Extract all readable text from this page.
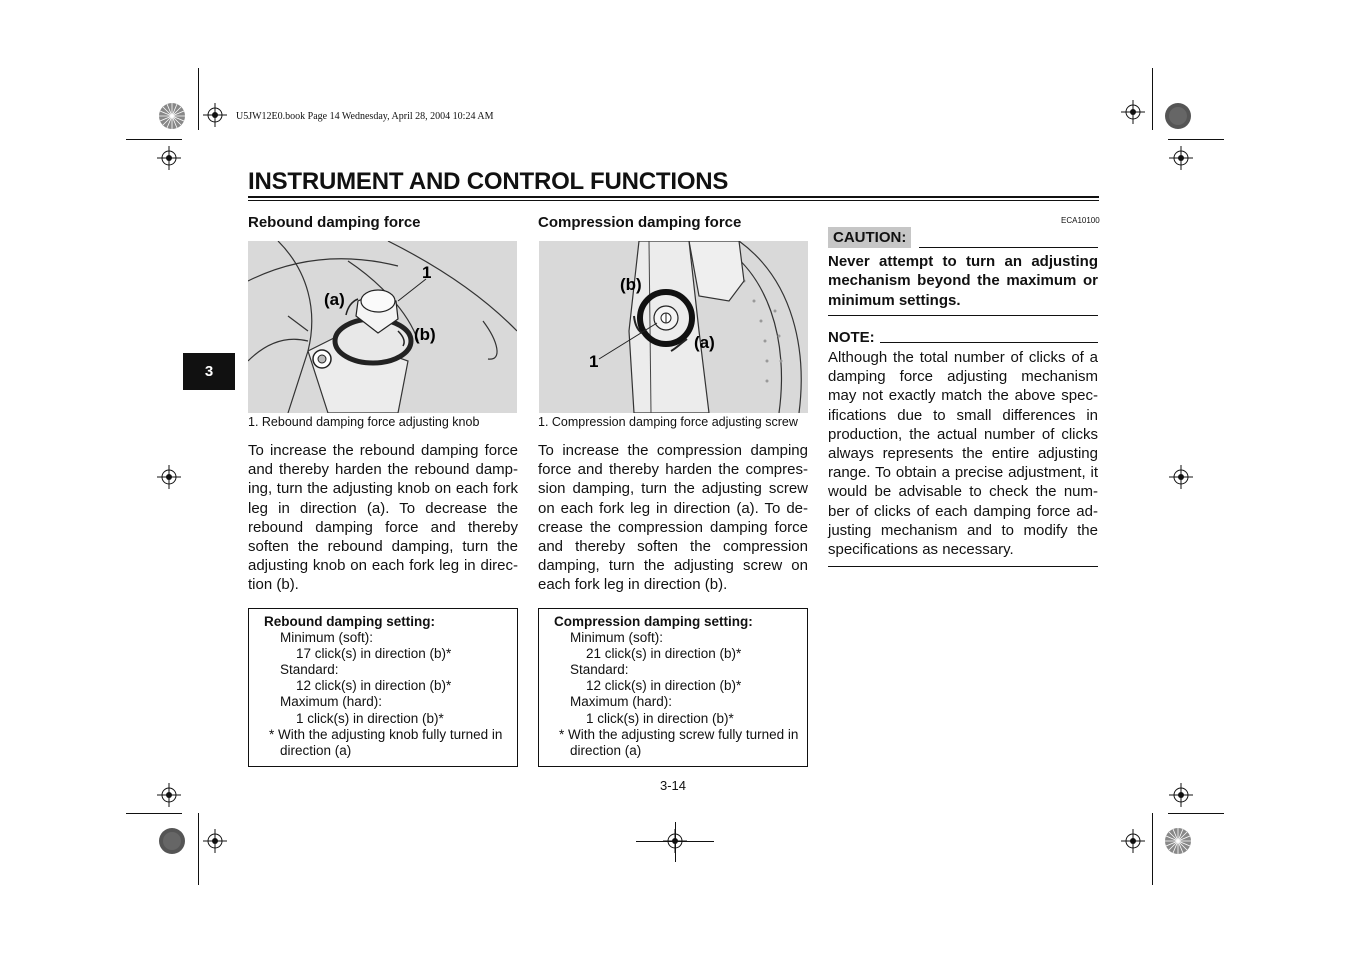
U5JW12E0.book Page 14 Wednesday, April 28, 2004 10:24 AM
INSTRUMENT AND CONTROL FUNCTIONS
3
Rebound damping force
1
(a)
(b)
1. Rebound damping force adjusting knob
To increase the rebound damping force and thereby harden the rebound damp-ing, turn the adjusting knob on each fork leg in direction (a). To decrease the rebound damping force and thereby soften the rebound damping, turn the adjusting knob on each fork leg in direc-tion (b).
Rebound damping setting:
Minimum (soft):
17 click(s) in direction (b)*
Standard:
12 click(s) in direction (b)*
Maximum (hard):
1 click(s) in direction (b)*
* With the adjusting knob fully turned in direction (a)
Compression damping force
(b)
(a)
1
1. Compression damping force adjusting screw
To increase the compression damping force and thereby harden the compres-sion damping, turn the adjusting screw on each fork leg in direction (a). To de-crease the compression damping force and thereby soften the compression damping, turn the adjusting screw on each fork leg in direction (b).
Compression damping setting:
Minimum (soft):
21 click(s) in direction (b)*
Standard:
12 click(s) in direction (b)*
Maximum (hard):
1 click(s) in direction (b)*
* With the adjusting screw fully turned in direction (a)
ECA10100
CAUTION:
Never attempt to turn an adjusting mechanism beyond the maximum or minimum settings.
NOTE:
Although the total number of clicks of a damping force adjusting mechanism may not exactly match the above spec-ifications due to small differences in production, the actual number of clicks always represents the entire adjusting range. To obtain a precise adjustment, it would be advisable to check the num-ber of clicks of each damping force ad-justing mechanism and to modify the specifications as necessary.
3-14
